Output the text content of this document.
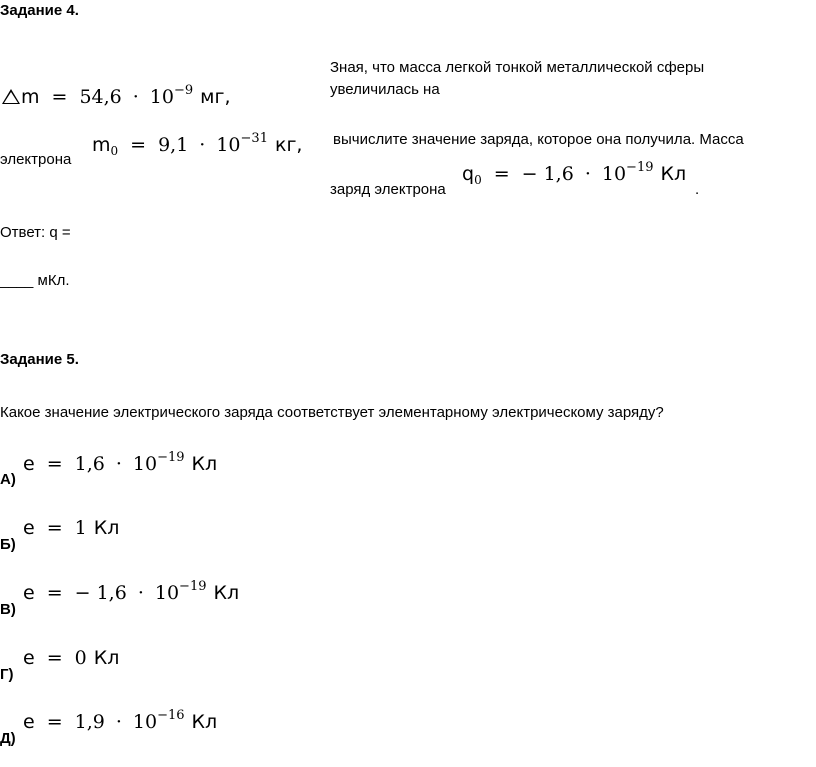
Задание 4.
Зная, что масса легкой тонкой металлической сферы
увеличилась на
$m = 54,6 \cdot 10^{-9}$ мг,
$m_0 = 9,1 \cdot 10^{-31}$ кг, вычислите значение заряда, которое она получила. Масса
электрона
заряд электрона
$q_0$ = − $1,6 \cdot 10^{-19}$ Кл
.
Ответ: q =
____ мКл.
Задание 5.
Какое значение электрического заряда соответствует элементарному электрическому заряду?
А)
$e = 1,6 \cdot 10^{-19}$ Кл
Б)
e = 1 Кл
В)
e = − $1,6 \cdot 10^{-19}$ Кл
Г)
e = 0 Кл
Д)
$e = 1,9 \cdot 10^{-16}$ Кл
